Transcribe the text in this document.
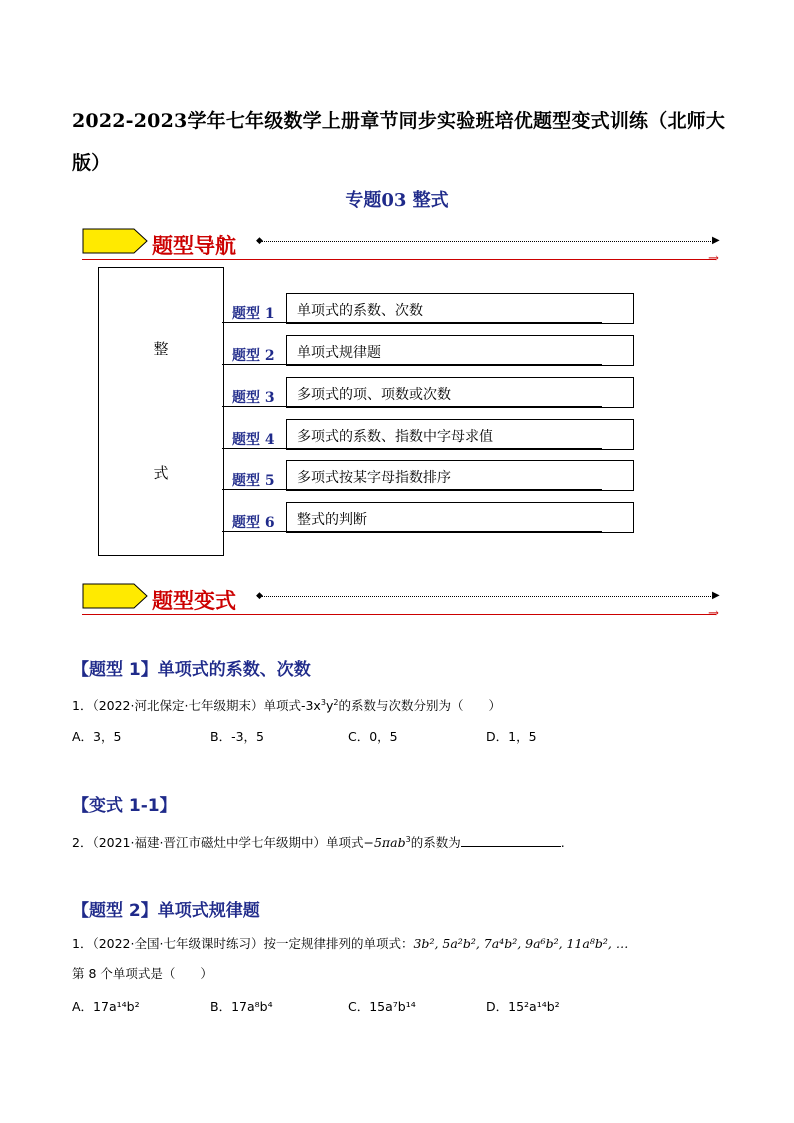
2022-2023学年七年级数学上册章节同步实验班培优题型变式训练（北师大版）
专题03 整式
题型导航 ◆	▶
→
整
式
题型 1 单项式的系数、次数
题型 2 单项式规律题
题型 3 多项式的项、项数或次数
题型 4 多项式的系数、指数中字母求值
题型 5 多项式按某字母指数排序
题型 6 整式的判断
题型变式 ◆	▶
→
【题型 1】单项式的系数、次数
1．（2022·河北保定·七年级期末）单项式$-3x^3y^2$的系数与次数分别为（　　）
A．3，5	B．-3，5	C．0，5	D．1，5
【变式 1-1】
2．（2021·福建·晋江市磁灶中学七年级期中）单项式−5πab$^3$的系数为	.
【题型 2】单项式规律题
1．（2022·全国·七年级课时练习）按一定规律排列的单项式：3b², 5a²b², 7a⁴b², 9a⁶b², 11a⁸b², …
第 8 个单项式是（　　）
A．17a¹⁴b²	B．17a⁸b⁴	C．15a⁷b¹⁴	D．15²a¹⁴b²
